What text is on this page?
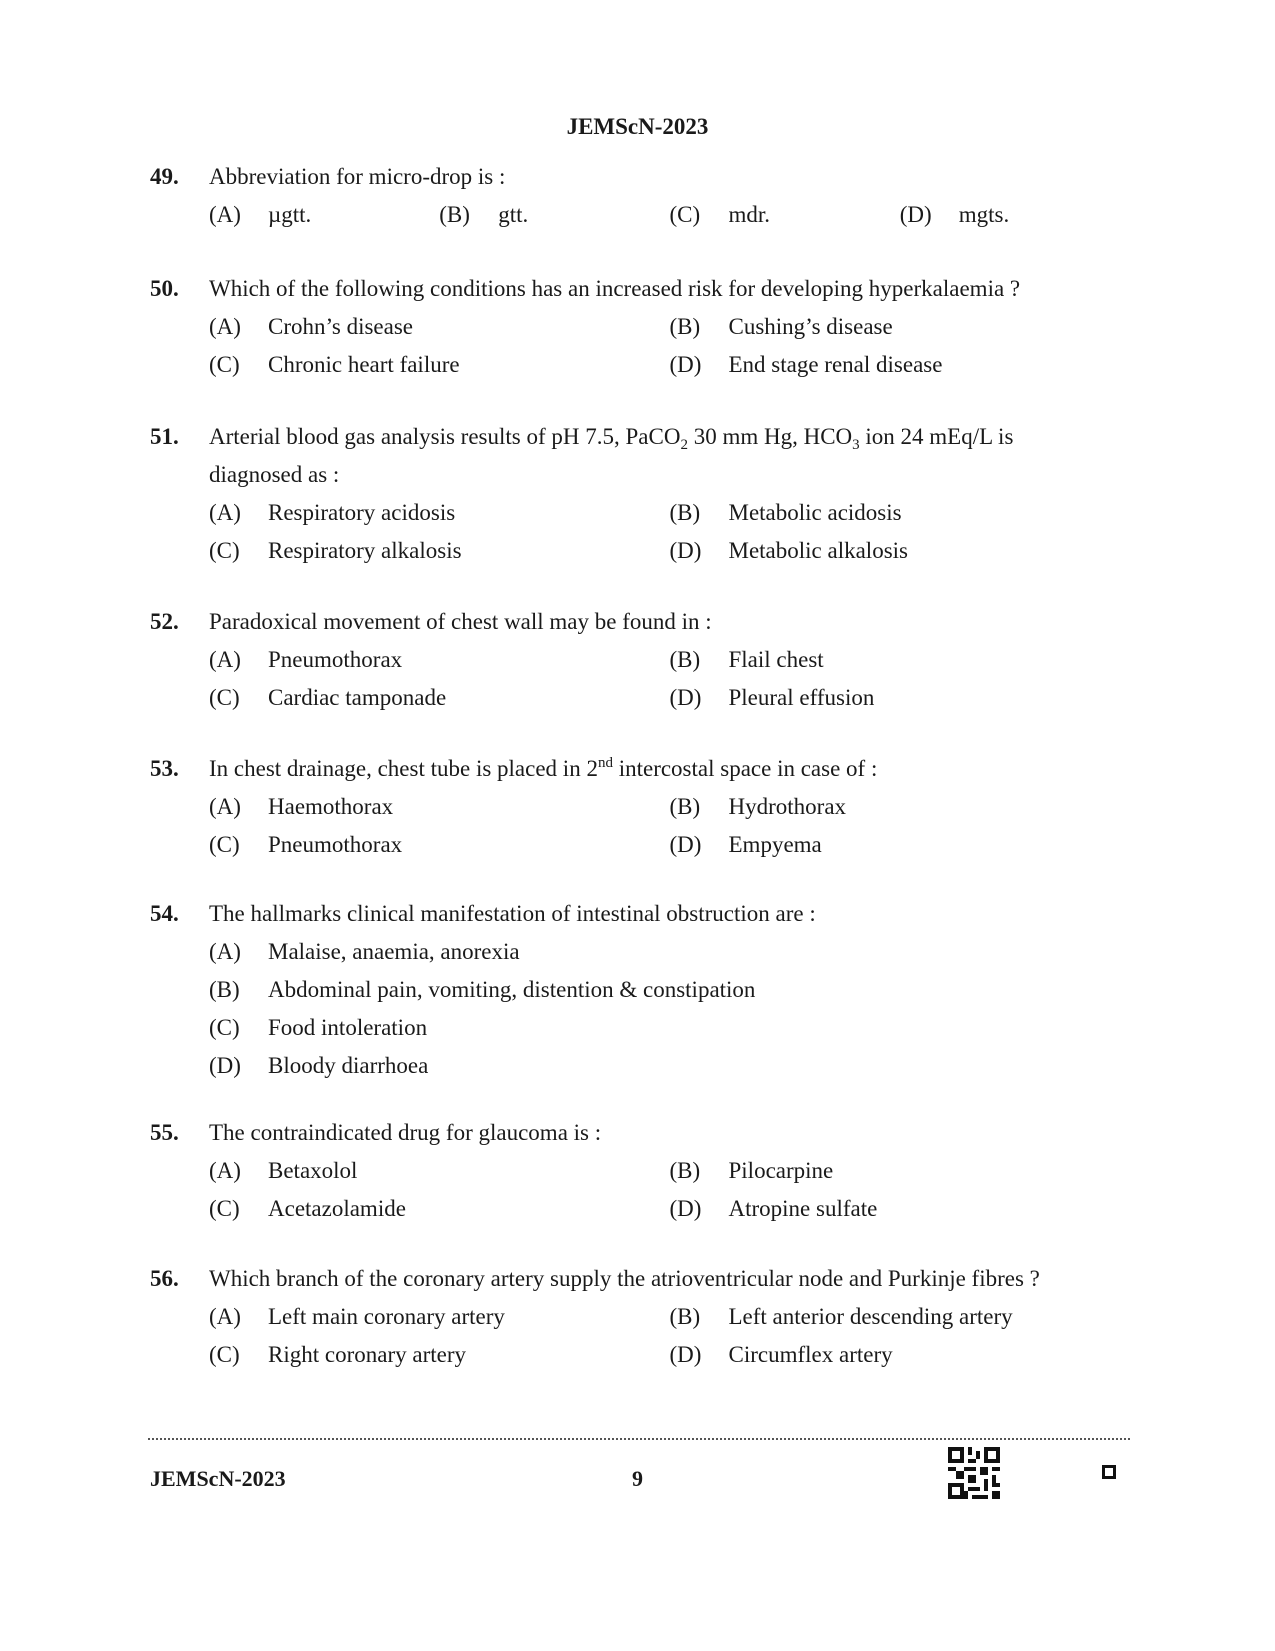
JEMScN-2023
49.	Abbreviation for micro-drop is :
(A)	µgtt.	(B)	gtt.	(C)	mdr.	(D)	mgts.
50.	Which of the following conditions has an increased risk for developing hyperkalaemia ?
(A)	Crohn’s disease	(B)	Cushing’s disease
(C)	Chronic heart failure	(D)	End stage renal disease
51.	Arterial blood gas analysis results of pH 7.5, PaCO$_2$ 30 mm Hg, $HCO_3$ ion 24 mEq/L is
diagnosed as :
(A)	Respiratory acidosis	(B)	Metabolic acidosis
(C)	Respiratory alkalosis	(D)	Metabolic alkalosis
52.	Paradoxical movement of chest wall may be found in :
(A)	Pneumothorax	(B)	Flail chest
(C)	Cardiac tamponade	(D)	Pleural effusion
53.	In chest drainage, chest tube is placed in 2nd intercostal space in case of :
(A)	Haemothorax	(B)	Hydrothorax
(C)	Pneumothorax	(D)	Empyema
54.	The hallmarks clinical manifestation of intestinal obstruction are :
(A)	Malaise, anaemia, anorexia
(B)	Abdominal pain, vomiting, distention & constipation
(C)	Food intoleration
(D)	Bloody diarrhoea
55.	The contraindicated drug for glaucoma is :
(A)	Betaxolol	(B)	Pilocarpine
(C)	Acetazolamide	(D)	Atropine sulfate
56.	Which branch of the coronary artery supply the atrioventricular node and Purkinje fibres ?
(A)	Left main coronary artery	(B)	Left anterior descending artery
(C)	Right coronary artery	(D)	Circumflex artery
JEMScN-2023	9
